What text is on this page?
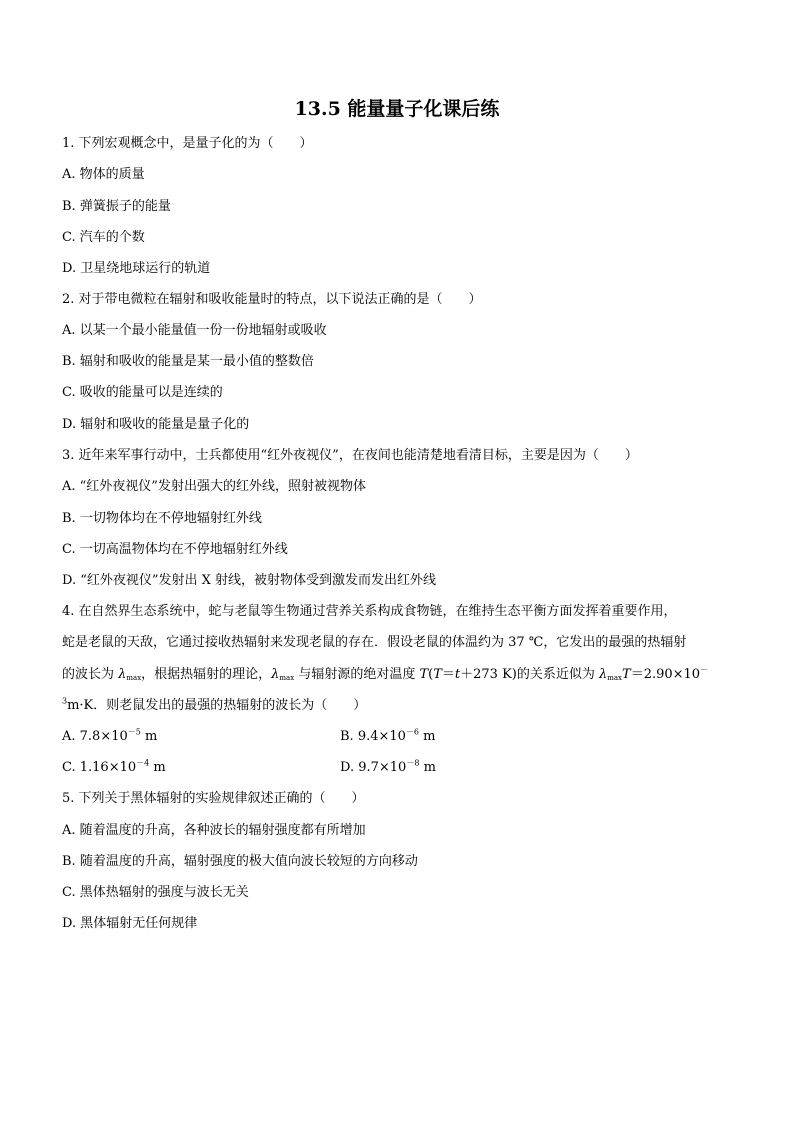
13.5 能量量子化课后练
1. 下列宏观概念中，是量子化的为（　　）
A. 物体的质量
B. 弹簧振子的能量
C. 汽车的个数
D. 卫星绕地球运行的轨道
2. 对于带电微粒在辐射和吸收能量时的特点，以下说法正确的是（　　）
A. 以某一个最小能量值一份一份地辐射或吸收
B. 辐射和吸收的能量是某一最小值的整数倍
C. 吸收的能量可以是连续的
D. 辐射和吸收的能量是量子化的
3. 近年来军事行动中，士兵都使用“红外夜视仪”，在夜间也能清楚地看清目标，主要是因为（　　）
A. “红外夜视仪”发射出强大的红外线，照射被视物体
B. 一切物体均在不停地辐射红外线
C. 一切高温物体均在不停地辐射红外线
D. “红外夜视仪”发射出 X 射线，被射物体受到激发而发出红外线
4. 在自然界生态系统中，蛇与老鼠等生物通过营养关系构成食物链，在维持生态平衡方面发挥着重要作用，
蛇是老鼠的天敌，它通过接收热辐射来发现老鼠的存在．假设老鼠的体温约为 37 ℃，它发出的最强的热辐射
的波长为 $\lambda_{max}$，根据热辐射的理论，$\lambda_{max}$ 与辐射源的绝对温度 T(T＝t＋273 K)的关系近似为 $\lambda_{max}T=2.90\times 10^-$
$^3$m·K．则老鼠发出的最强的热辐射的波长为（　　）
A. $7.8\times 10^{-5}$ m	B. $9.4\times 10^{-6}$ m
C. $1.16\times 10^{-4}$ m	D. $9.7\times 10^{-8}$ m
5. 下列关于黑体辐射的实验规律叙述正确的（　　）
A. 随着温度的升高，各种波长的辐射强度都有所增加
B. 随着温度的升高，辐射强度的极大值向波长较短的方向移动
C. 黑体热辐射的强度与波长无关
D. 黑体辐射无任何规律
